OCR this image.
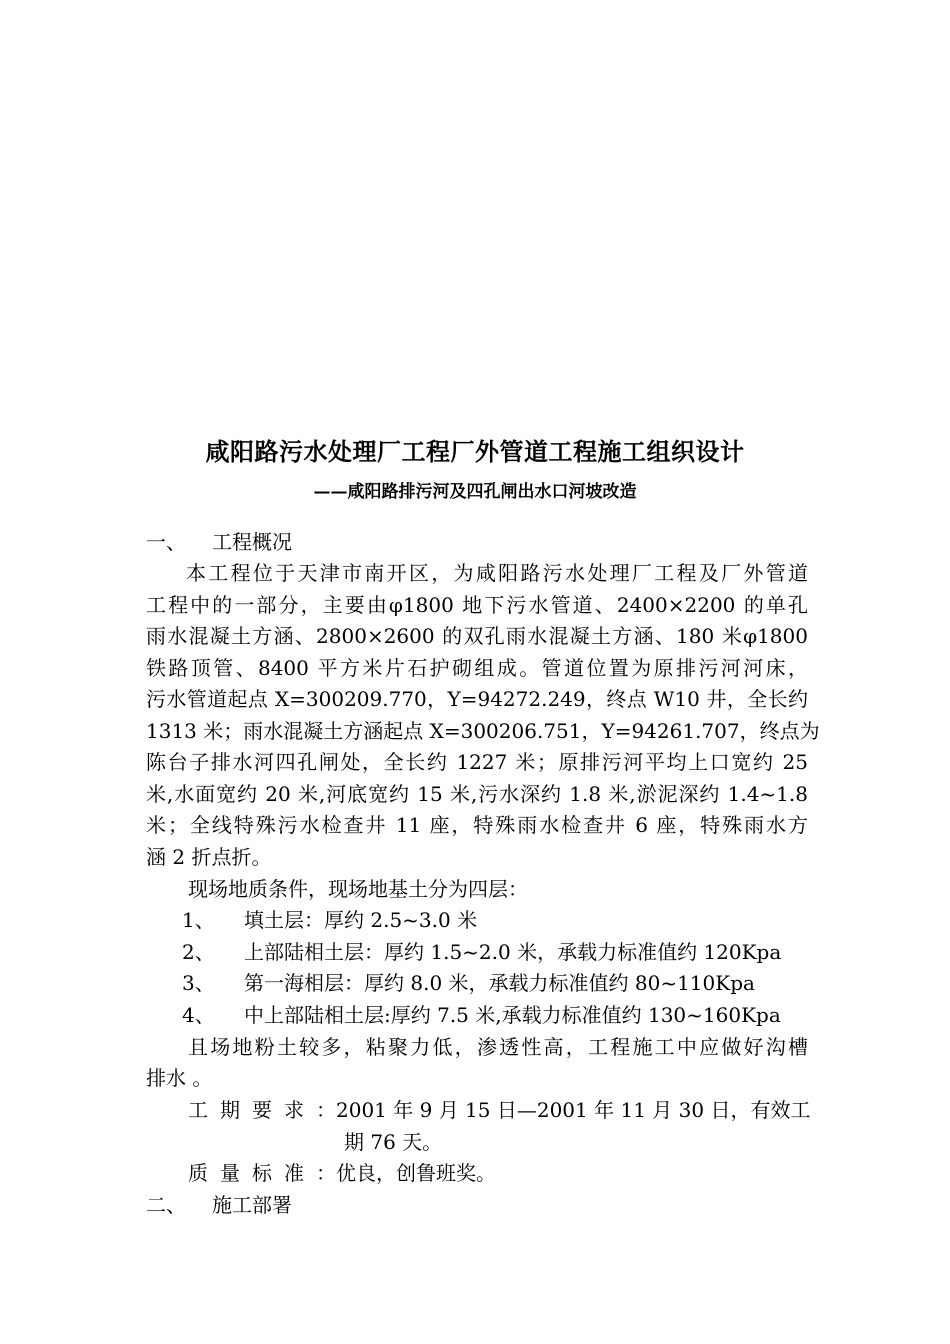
咸阳路污水处理厂工程厂外管道工程施工组织设计
——咸阳路排污河及四孔闸出水口河坡改造
一、 工程概况
本工程位于天津市南开区，为咸阳路污水处理厂工程及厂外管道
工程中的一部分，主要由φ1800 地下污水管道、2400×2200 的单孔
雨水混凝土方涵、2800×2600 的双孔雨水混凝土方涵、180 米φ1800
铁路顶管、8400 平方米片石护砌组成。管道位置为原排污河河床，
污水管道起点 X=300209.770，Y=94272.249，终点 W10 井，全长约
1313 米；雨水混凝土方涵起点 X=300206.751，Y=94261.707，终点为
陈台子排水河四孔闸处，全长约 1227 米；原排污河平均上口宽约 25
米,水面宽约 20 米,河底宽约 15 米,污水深约 1.8 米,淤泥深约 1.4~1.8
米；全线特殊污水检查井 11 座，特殊雨水检查井 6 座，特殊雨水方
涵 2 折点折。
现场地质条件，现场地基土分为四层：
1、 填土层：厚约 2.5~3.0 米
2、 上部陆相土层：厚约 1.5~2.0 米，承载力标准值约 120Kpa
3、 第一海相层：厚约 8.0 米，承载力标准值约 80~110Kpa
4、 中上部陆相土层:厚约 7.5 米,承载力标准值约 130~160Kpa
且场地粉土较多，粘聚力低，渗透性高，工程施工中应做好沟槽
排水 。
工期要求：2001 年 9 月 15 日—2001 年 11 月 30 日，有效工
期 76 天。
质量标准：优良，创鲁班奖。
二、 施工部署
